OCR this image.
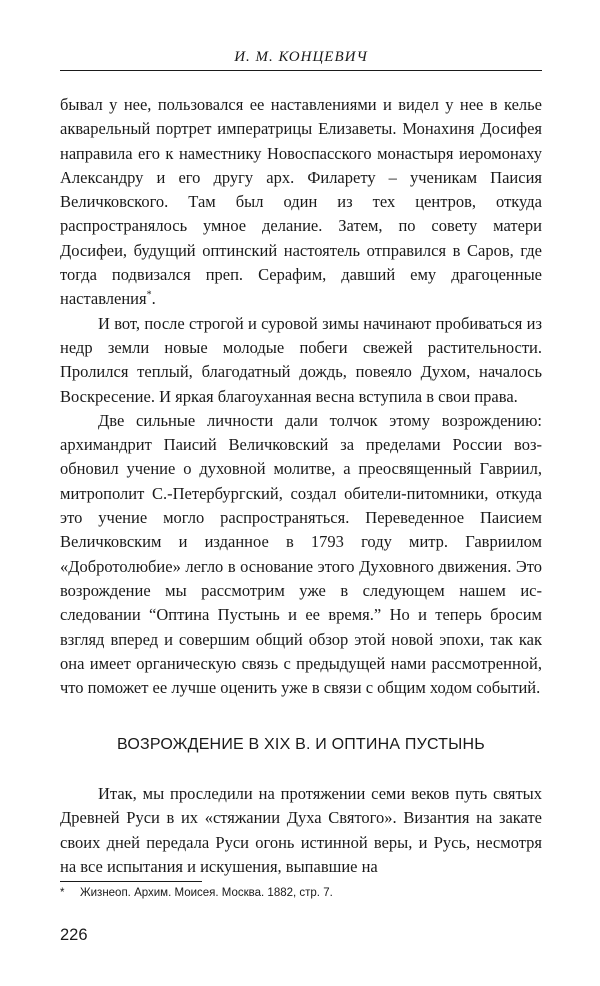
И. М. КОНЦЕВИЧ

бывал у нее, пользовался ее наставлениями и видел у нее в келье акварельный портрет императрицы Елизаветы. Монахиня Досифея направила его к наместнику Новоспасского монастыря иеромонаху Александру и его другу арх. Филарету – ученикам Паисия Величковского. Там был один из тех центров, откуда распространялось умное делание. Затем, по совету матери Досифеи, будущий оптинский настоятель отправился в Саров, где тогда подвизался преп. Серафим, давший ему драгоценные наставления*.

И вот, после строгой и суровой зимы начинают пробиваться из недр земли новые молодые побеги свежей растительности. Пролился теплый, благодатный дождь, повеяло Духом, началось Воскресение. И яркая благоуханная весна вступила в свои права.

Две сильные личности дали толчок этому возрождению: архимандрит Паисий Величковский за пределами России возобновил учение о духовной молитве, а преосвященный Гавриил, митрополит С.-Петербургский, создал обители-питомники, откуда это учение могло распространяться. Переведенное Паисием Величковским и изданное в 1793 году митр. Гавриилом «Добротолюбие» легло в основание этого Духовного движения. Это возрождение мы рассмотрим уже в следующем нашем исследовании “Оптина Пустынь и ее время.” Но и теперь бросим взгляд вперед и совершим общий обзор этой новой эпохи, так как она имеет органическую связь с предыдущей нами рассмотренной, что поможет ее лучше оценить уже в связи с общим ходом событий.

ВОЗРОЖДЕНИЕ В XIX В. И ОПТИНА ПУСТЫНЬ

Итак, мы проследили на протяжении семи веков путь святых Древней Руси в их «стяжании Духа Святого». Византия на закате своих дней передала Руси огонь истинной веры, и Русь, несмотря на все испытания и искушения, выпавшие на

* Жизнеоп. Архим. Моисея. Москва. 1882, стр. 7.
226
